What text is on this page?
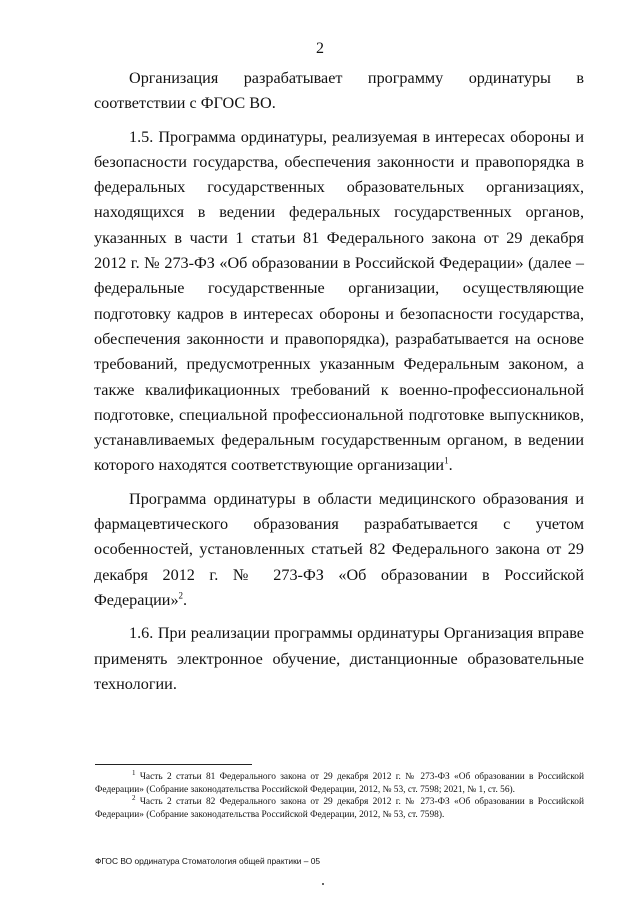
2

Организация разрабатывает программу ординатуры в соответствии с ФГОС ВО.

1.5. Программа ординатуры, реализуемая в интересах обороны и безопасности государства, обеспечения законности и правопорядка в федеральных государственных образовательных организациях, находящихся в ведении федеральных государственных органов, указанных в части 1 статьи 81 Федерального закона от 29 декабря 2012 г. № 273-ФЗ «Об образовании в Российской Федерации» (далее – федеральные государственные организации, осуществляющие подготовку кадров в интересах обороны и безопасности государства, обеспечения законности и правопорядка), разрабатывается на основе требований, предусмотренных указанным Федеральным законом, а также квалификационных требований к военно-профессиональной подготовке, специальной профессиональной подготовке выпускников, устанавливаемых федеральным государственным органом, в ведении которого находятся соответствующие организации$^1$.

Программа ординатуры в области медицинского образования и фармацевтического образования разрабатывается с учетом особенностей, установленных статьей 82 Федерального закона от 29 декабря 2012 г. № 273-ФЗ «Об образовании в Российской Федерации»$^2$.

1.6. При реализации программы ординатуры Организация вправе применять электронное обучение, дистанционные образовательные технологии.

$^1$ Часть 2 статьи 81 Федерального закона от 29 декабря 2012 г. № 273-ФЗ «Об образовании в Российской Федерации» (Собрание законодательства Российской Федерации, 2012, № 53, ст. 7598; 2021, № 1, ст. 56).

$^2$ Часть 2 статьи 82 Федерального закона от 29 декабря 2012 г. № 273-ФЗ «Об образовании в Российской Федерации» (Собрание законодательства Российской Федерации, 2012, № 53, ст. 7598).

ФГОС ВО ординатура Стоматология общей практики – 05
